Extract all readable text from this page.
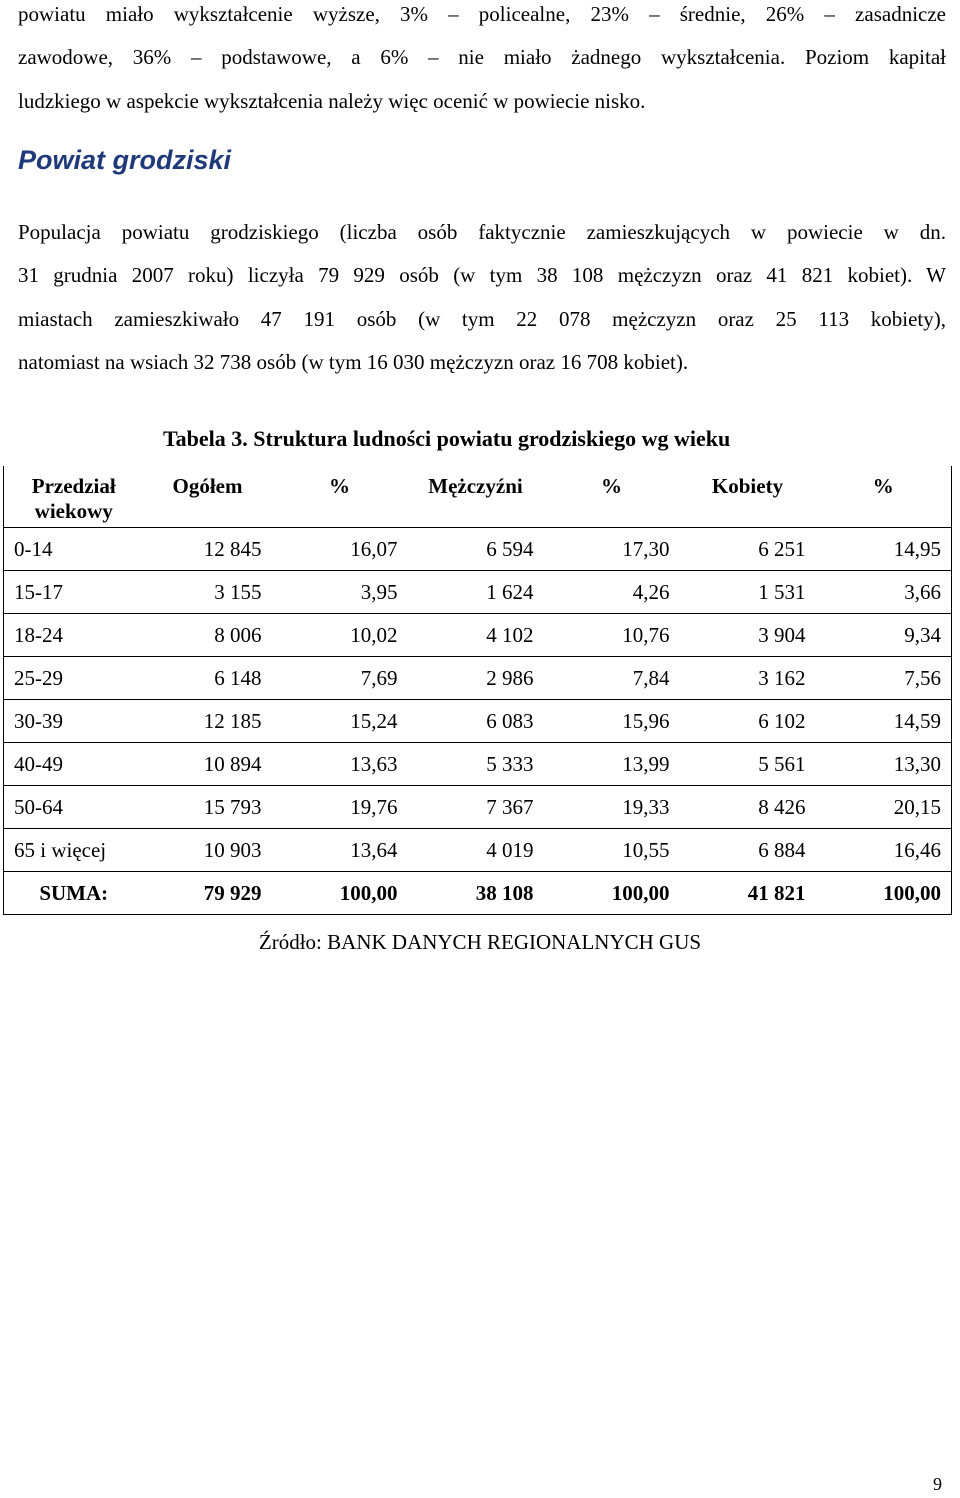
powiatu miało wykształcenie wyższe, 3% – policealne, 23% – średnie, 26% – zasadnicze
zawodowe, 36% – podstawowe, a 6% – nie miało żadnego wykształcenia. Poziom kapitał
ludzkiego w aspekcie wykształcenia należy więc ocenić w powiecie nisko.
Powiat grodziski
Populacja powiatu grodziskiego (liczba osób faktycznie zamieszkujących w powiecie w dn.
31 grudnia 2007 roku) liczyła 79 929 osób (w tym 38 108 mężczyzn oraz 41 821 kobiet). W
miastach zamieszkiwało 47 191 osób (w tym 22 078 mężczyzn oraz 25 113 kobiety),
natomiast na wsiach 32 738 osób (w tym 16 030 mężczyzn oraz 16 708 kobiet).
Tabela 3. Struktura ludności powiatu grodziskiego wg wieku
Przedział wiekowy	Ogółem	%	Mężczyźni	%	Kobiety	%
0-14	12 845	16,07	6 594	17,30	6 251	14,95
15-17	3 155	3,95	1 624	4,26	1 531	3,66
18-24	8 006	10,02	4 102	10,76	3 904	9,34
25-29	6 148	7,69	2 986	7,84	3 162	7,56
30-39	12 185	15,24	6 083	15,96	6 102	14,59
40-49	10 894	13,63	5 333	13,99	5 561	13,30
50-64	15 793	19,76	7 367	19,33	8 426	20,15
65 i więcej	10 903	13,64	4 019	10,55	6 884	16,46
SUMA:	79 929	100,00	38 108	100,00	41 821	100,00
Źródło: BANK DANYCH REGIONALNYCH GUS
9
